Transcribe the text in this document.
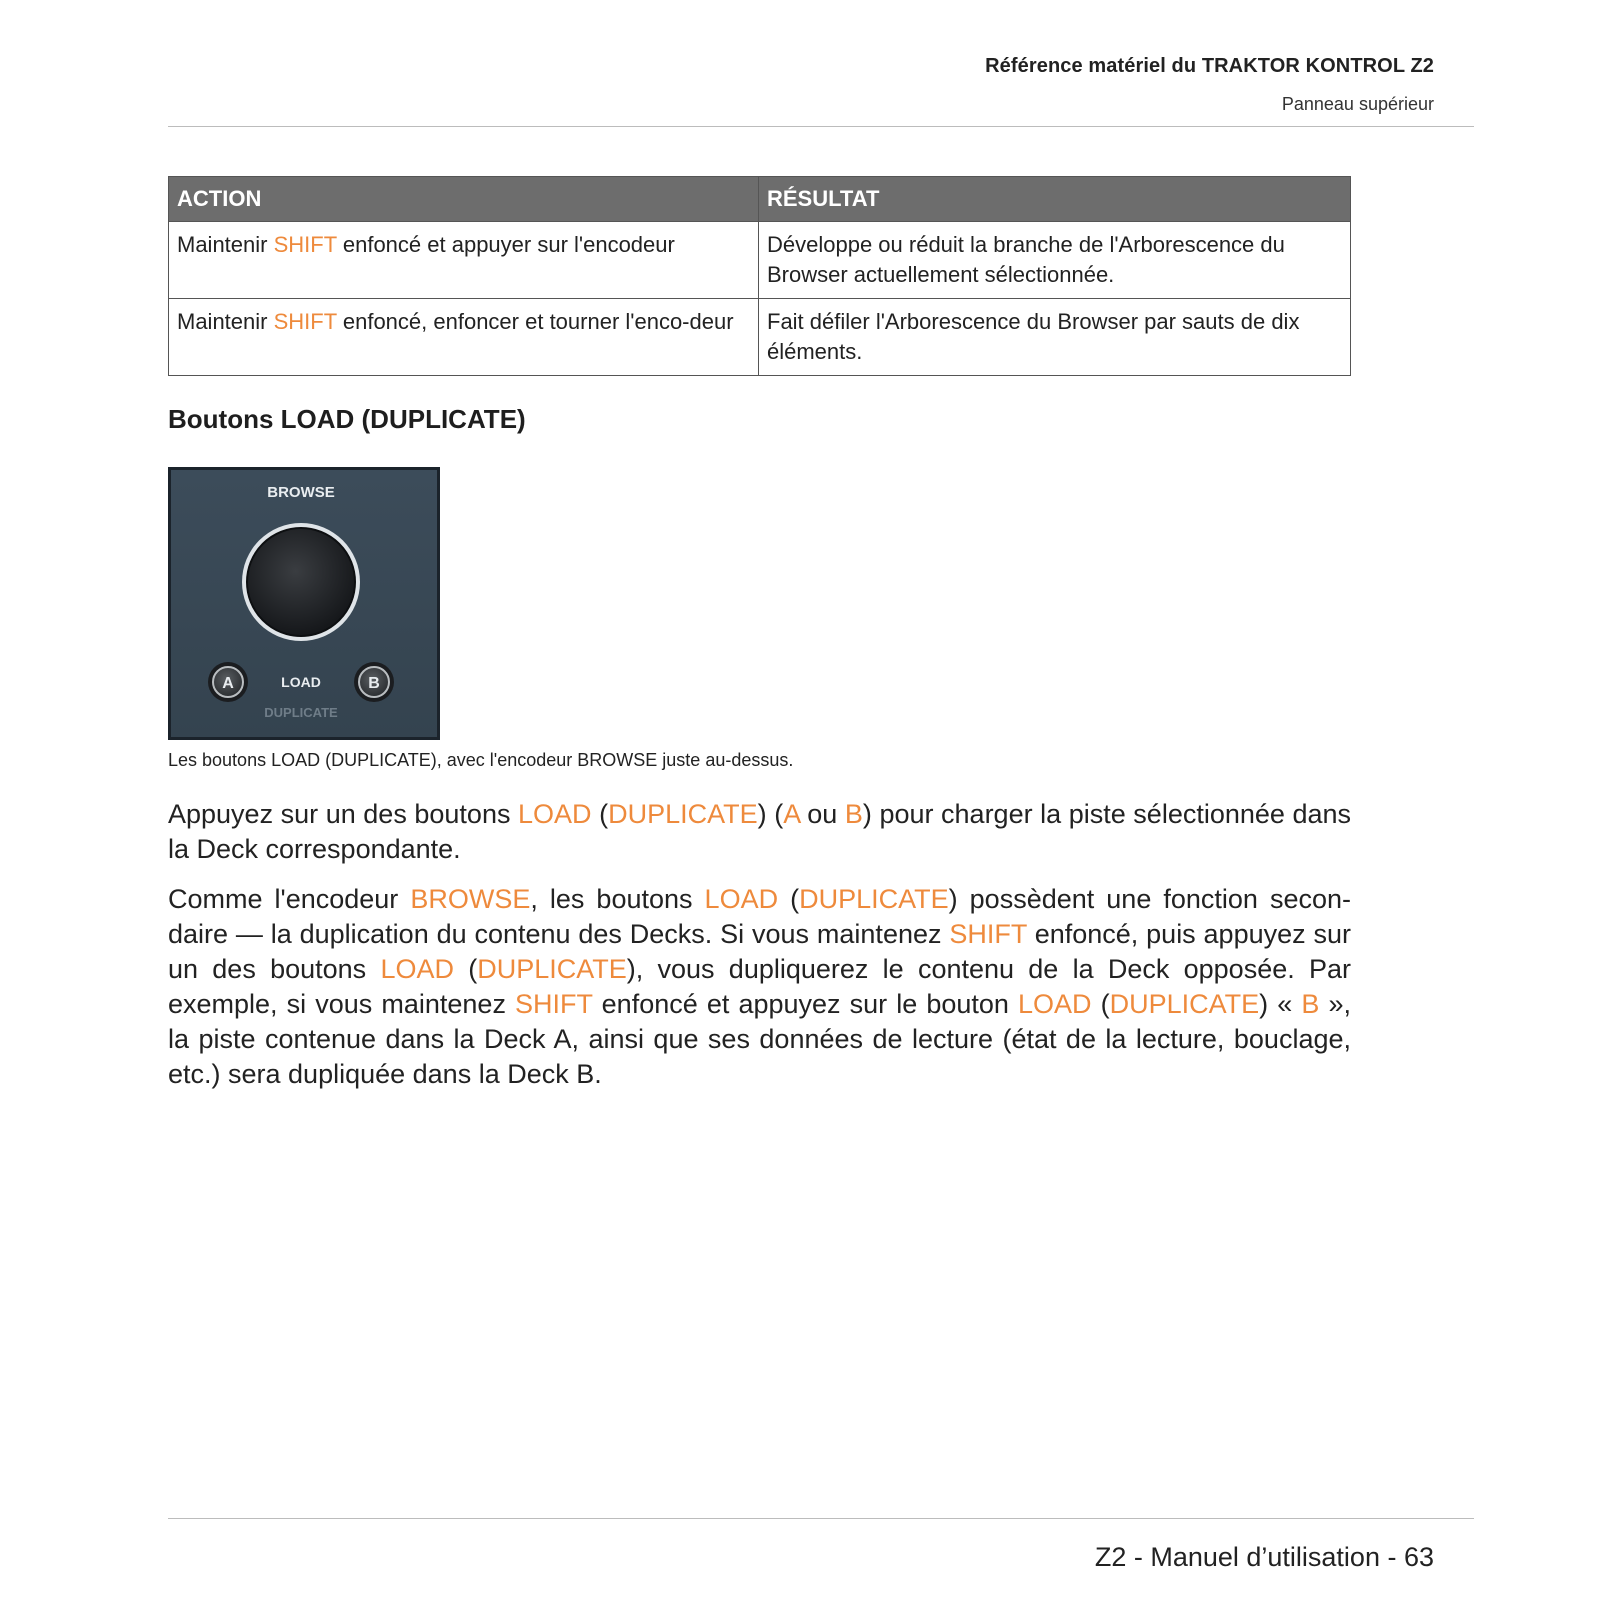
Référence matériel du TRAKTOR KONTROL Z2
Panneau supérieur
ACTION	RÉSULTAT
Maintenir SHIFT enfoncé et appuyer sur l'encodeur	Développe ou réduit la branche de l'Arborescence du Browser actuellement sélectionnée.
Maintenir SHIFT enfoncé, enfoncer et tourner l'enco-deur	Fait défiler l'Arborescence du Browser par sauts de dix éléments.
Boutons LOAD (DUPLICATE)
BROWSE
A	B
LOAD
DUPLICATE
Les boutons LOAD (DUPLICATE), avec l'encodeur BROWSE juste au-dessus.
Appuyez sur un des boutons LOAD (DUPLICATE) (A ou B) pour charger la piste sélectionnée dans la Deck correspondante.
Comme l'encodeur BROWSE, les boutons LOAD (DUPLICATE) possèdent une fonction secon-daire — la duplication du contenu des Decks. Si vous maintenez SHIFT enfoncé, puis appuyez sur un des boutons LOAD (DUPLICATE), vous dupliquerez le contenu de la Deck opposée. Par exemple, si vous maintenez SHIFT enfoncé et appuyez sur le bouton LOAD (DUPLICATE) « B », la piste contenue dans la Deck A, ainsi que ses données de lecture (état de la lecture, bouclage, etc.) sera dupliquée dans la Deck B.
Z2 - Manuel d’utilisation - 63
